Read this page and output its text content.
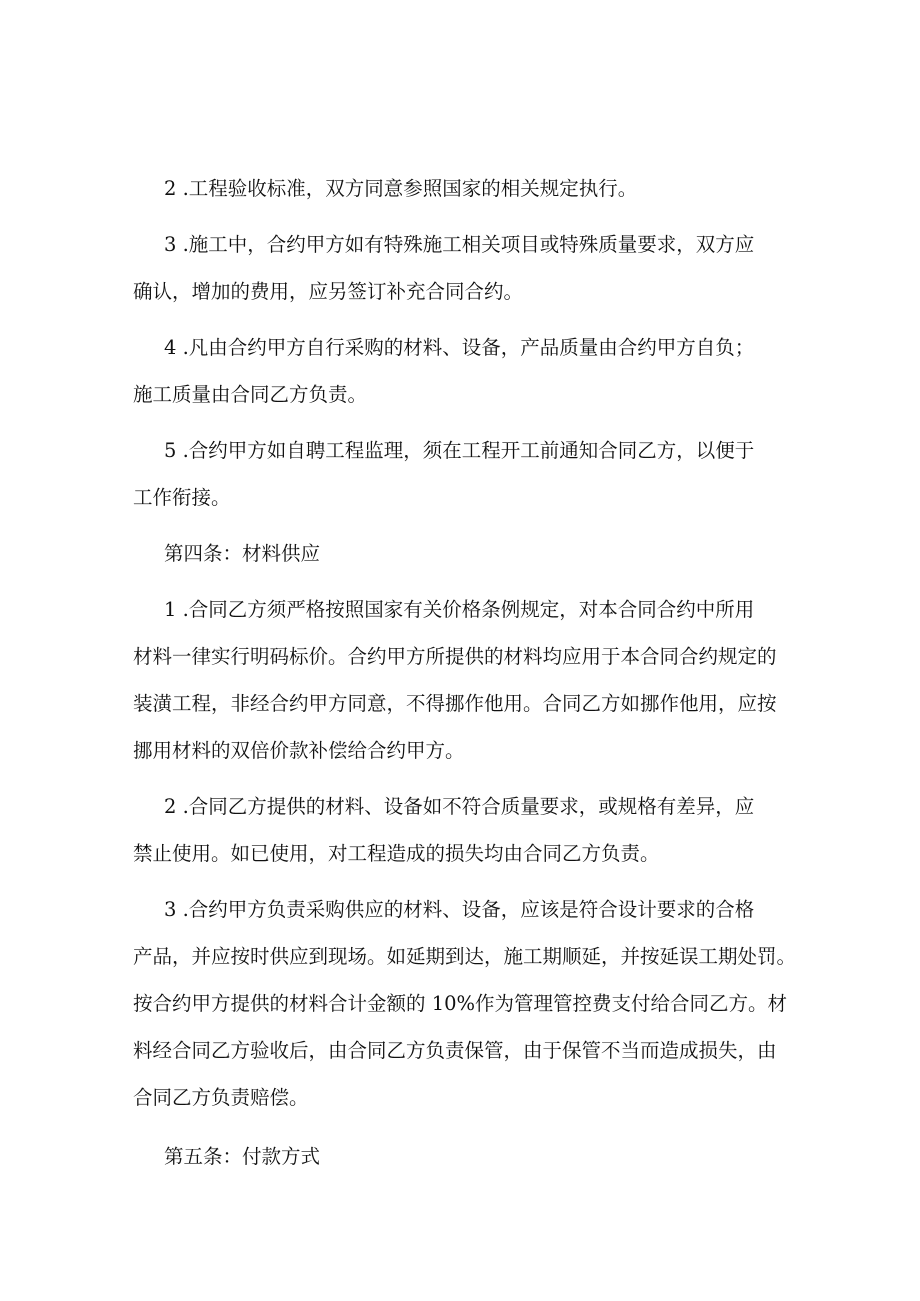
2 .工程验收标准，双方同意参照国家的相关规定执行。

3 .施工中，合约甲方如有特殊施工相关项目或特殊质量要求，双方应
确认，增加的费用，应另签订补充合同合约。

4 .凡由合约甲方自行采购的材料、设备，产品质量由合约甲方自负；
施工质量由合同乙方负责。

5 .合约甲方如自聘工程监理，须在工程开工前通知合同乙方，以便于
工作衔接。

第四条：材料供应

1 .合同乙方须严格按照国家有关价格条例规定，对本合同合约中所用
材料一律实行明码标价。合约甲方所提供的材料均应用于本合同合约规定的
装潢工程，非经合约甲方同意，不得挪作他用。合同乙方如挪作他用，应按
挪用材料的双倍价款补偿给合约甲方。

2 .合同乙方提供的材料、设备如不符合质量要求，或规格有差异，应
禁止使用。如已使用，对工程造成的损失均由合同乙方负责。

3 .合约甲方负责采购供应的材料、设备，应该是符合设计要求的合格
产品，并应按时供应到现场。如延期到达，施工期顺延，并按延误工期处罚。
按合约甲方提供的材料合计金额的 10%作为管理管控费支付给合同乙方。材
料经合同乙方验收后，由合同乙方负责保管，由于保管不当而造成损失，由
合同乙方负责赔偿。

第五条：付款方式
